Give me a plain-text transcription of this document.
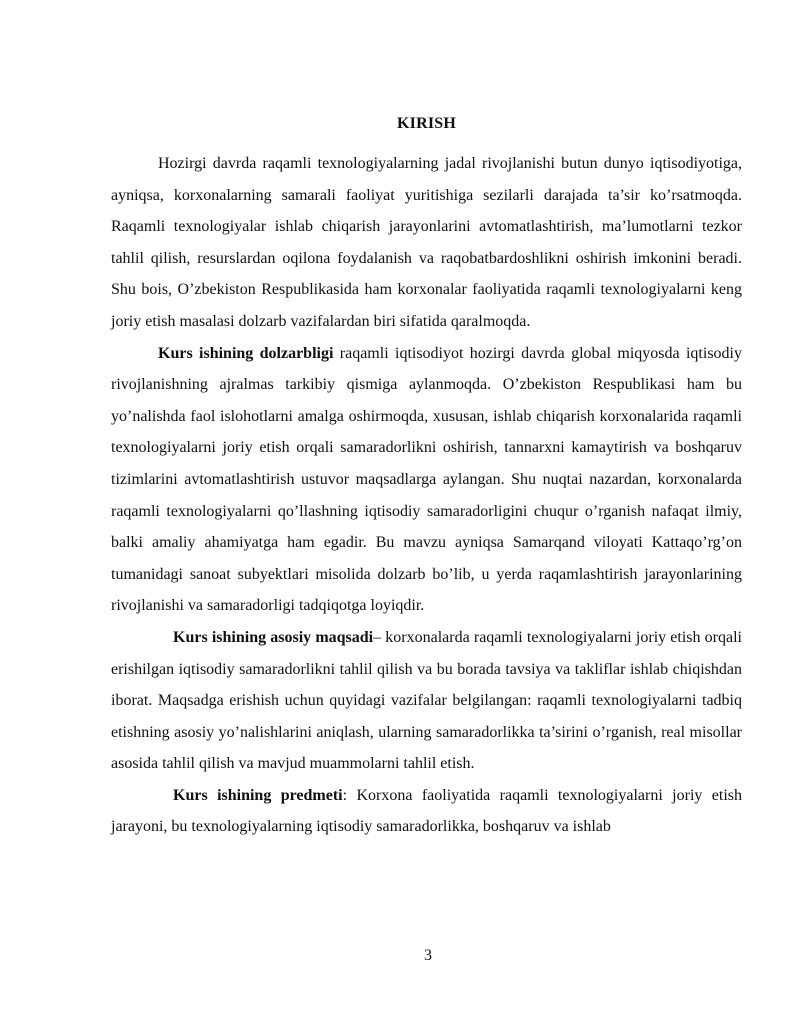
KIRISH

Hozirgi davrda raqamli texnologiyalarning jadal rivojlanishi butun dunyo iqtisodiyotiga, ayniqsa, korxonalarning samarali faoliyat yuritishiga sezilarli darajada ta’sir ko’rsatmoqda. Raqamli texnologiyalar ishlab chiqarish jarayonlarini avtomatlashtirish, ma’lumotlarni tezkor tahlil qilish, resurslardan oqilona foydalanish va raqobatbardoshlikni oshirish imkonini beradi. Shu bois, O’zbekiston Respublikasida ham korxonalar faoliyatida raqamli texnologiyalarni keng joriy etish masalasi dolzarb vazifalardan biri sifatida qaralmoqda.

Kurs ishining dolzarbligi raqamli iqtisodiyot hozirgi davrda global miqyosda iqtisodiy rivojlanishning ajralmas tarkibiy qismiga aylanmoqda. O’zbekiston Respublikasi ham bu yo’nalishda faol islohotlarni amalga oshirmoqda, xususan, ishlab chiqarish korxonalarida raqamli texnologiyalarni joriy etish orqali samaradorlikni oshirish, tannarxni kamaytirish va boshqaruv tizimlarini avtomatlashtirish ustuvor maqsadlarga aylangan. Shu nuqtai nazardan, korxonalarda raqamli texnologiyalarni qo’llashning iqtisodiy samaradorligini chuqur o’rganish nafaqat ilmiy, balki amaliy ahamiyatga ham egadir. Bu mavzu ayniqsa Samarqand viloyati Kattaqo’rg’on tumanidagi sanoat subyektlari misolida dolzarb bo’lib, u yerda raqamlashtirish jarayonlarining rivojlanishi va samaradorligi tadqiqotga loyiqdir.

Kurs ishining asosiy maqsadi– korxonalarda raqamli texnologiyalarni joriy etish orqali erishilgan iqtisodiy samaradorlikni tahlil qilish va bu borada tavsiya va takliflar ishlab chiqishdan iborat. Maqsadga erishish uchun quyidagi vazifalar belgilangan: raqamli texnologiyalarni tadbiq etishning asosiy yo’nalishlarini aniqlash, ularning samaradorlikka ta’sirini o’rganish, real misollar asosida tahlil qilish va mavjud muammolarni tahlil etish.

Kurs ishining predmeti: Korxona faoliyatida raqamli texnologiyalarni joriy etish jarayoni, bu texnologiyalarning iqtisodiy samaradorlikka, boshqaruv va ishlab

3
